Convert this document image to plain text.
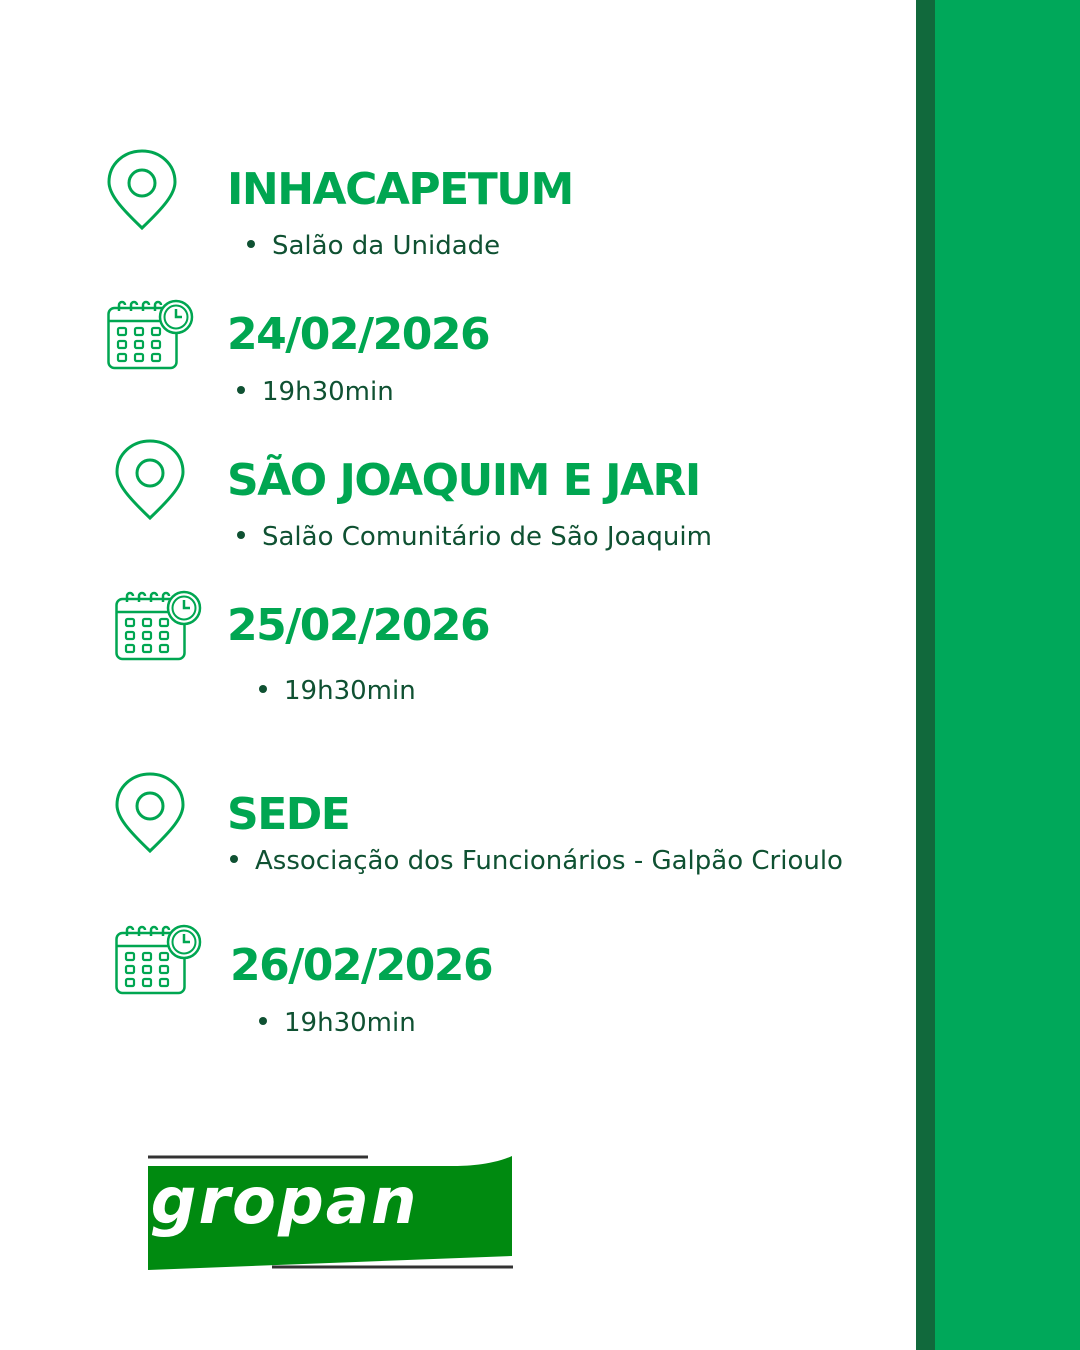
INHACAPETUM
Salão da Unidade
24/02/2026
19h30min
SÃO JOAQUIM E JARI
Salão Comunitário de São Joaquim
25/02/2026
19h30min
SEDE
Associação dos Funcionários - Galpão Crioulo
26/02/2026
19h30min
agropan
